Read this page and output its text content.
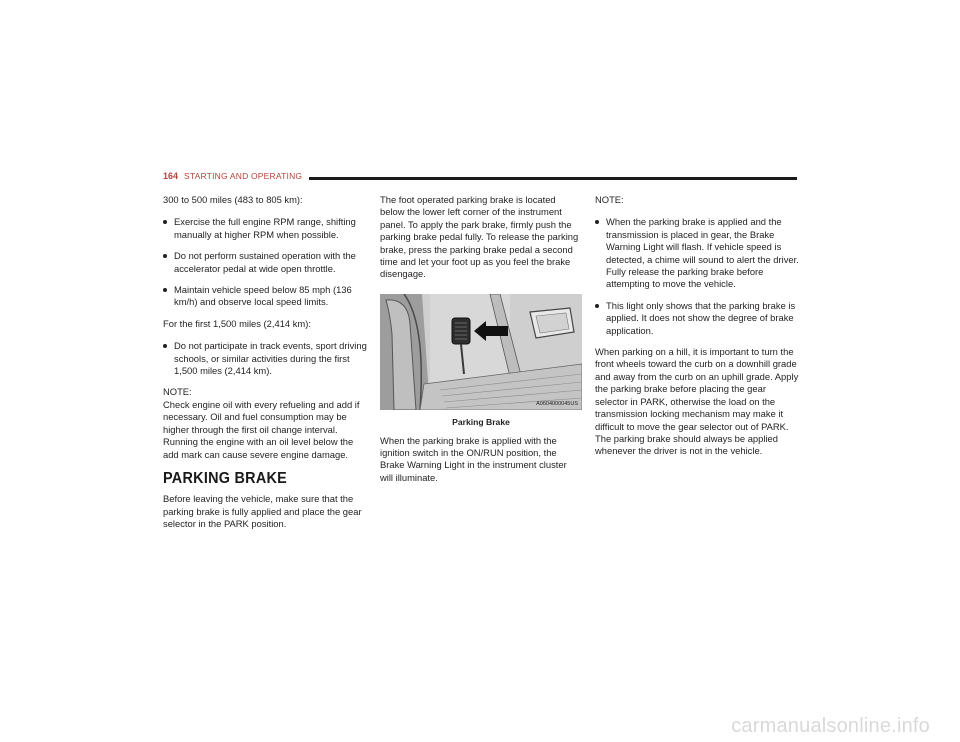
164 STARTING AND OPERATING
300 to 500 miles (483 to 805 km):
Exercise the full engine RPM range, shifting manually at higher RPM when possible.
Do not perform sustained operation with the accelerator pedal at wide open throttle.
Maintain vehicle speed below 85 mph (136 km/h) and observe local speed limits.
For the first 1,500 miles (2,414 km):
Do not participate in track events, sport driving schools, or similar activities during the first 1,500 miles (2,414 km).
NOTE:
Check engine oil with every refueling and add if necessary. Oil and fuel consumption may be higher through the first oil change interval. Running the engine with an oil level below the add mark can cause severe engine damage.
PARKING BRAKE
Before leaving the vehicle, make sure that the parking brake is fully applied and place the gear selector in the PARK position.
The foot operated parking brake is located below the lower left corner of the instrument panel. To apply the park brake, firmly push the parking brake pedal fully. To release the parking brake, press the parking brake pedal a second time and let your foot up as you feel the brake disengage.
A0604000045US
Parking Brake
When the parking brake is applied with the ignition switch in the ON/RUN position, the Brake Warning Light in the instrument cluster will illuminate.
NOTE:
When the parking brake is applied and the transmission is placed in gear, the Brake Warning Light will flash. If vehicle speed is detected, a chime will sound to alert the driver. Fully release the parking brake before attempting to move the vehicle.
This light only shows that the parking brake is applied. It does not show the degree of brake application.
When parking on a hill, it is important to turn the front wheels toward the curb on a downhill grade and away from the curb on an uphill grade. Apply the parking brake before placing the gear selector in PARK, otherwise the load on the transmission locking mechanism may make it difficult to move the gear selector out of PARK. The parking brake should always be applied whenever the driver is not in the vehicle.
carmanualsonline.info
